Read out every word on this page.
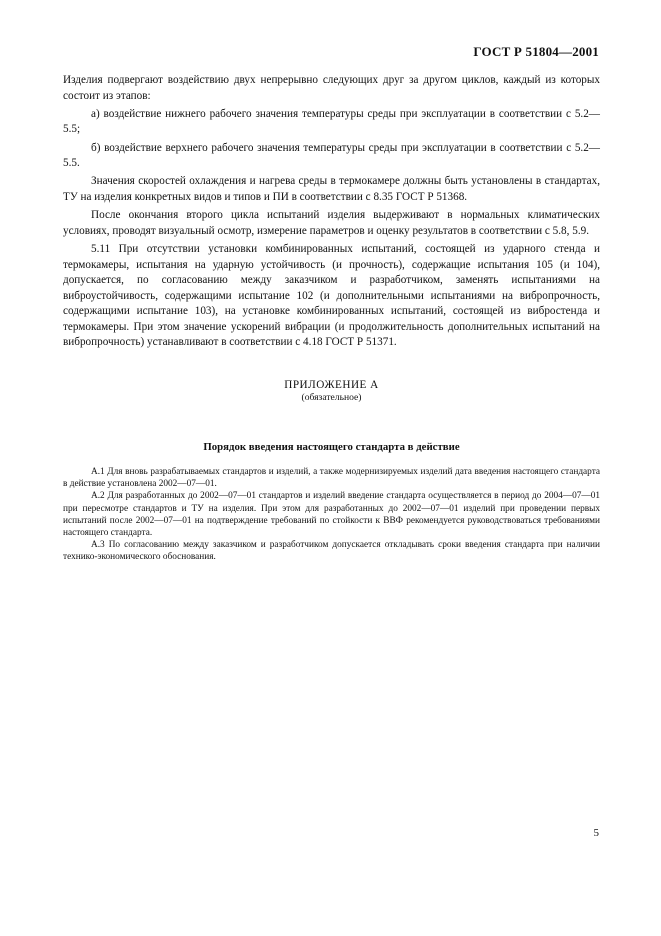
ГОСТ Р 51804—2001

Изделия подвергают воздействию двух непрерывно следующих друг за другом циклов, каждый из которых состоит из этапов:

а) воздействие нижнего рабочего значения температуры среды при эксплуатации в соответствии с 5.2—5.5;

б) воздействие верхнего рабочего значения температуры среды при эксплуатации в соответствии с 5.2—5.5.

Значения скоростей охлаждения и нагрева среды в термокамере должны быть установлены в стандартах, ТУ на изделия конкретных видов и типов и ПИ в соответствии с 8.35 ГОСТ Р 51368.

После окончания второго цикла испытаний изделия выдерживают в нормальных климатических условиях, проводят визуальный осмотр, измерение параметров и оценку результатов в соответствии с 5.8, 5.9.

5.11 При отсутствии установки комбинированных испытаний, состоящей из ударного стенда и термокамеры, испытания на ударную устойчивость (и прочность), содержащие испытания 105 (и 104), допускается, по согласованию между заказчиком и разработчиком, заменять испытаниями на виброустойчивость, содержащими испытание 102 (и дополнительными испытаниями на вибропрочность, содержащими испытание 103), на установке комбинированных испытаний, состоящей из вибростенда и термокамеры. При этом значение ускорений вибрации (и продолжительность дополнительных испытаний на вибропрочность) устанавливают в соответствии с 4.18 ГОСТ Р 51371.

ПРИЛОЖЕНИЕ А
(обязательное)
Порядок введения настоящего стандарта в действие

А.1 Для вновь разрабатываемых стандартов и изделий, а также модернизируемых изделий дата введения настоящего стандарта в действие установлена 2002—07—01.

А.2 Для разработанных до 2002—07—01 стандартов и изделий введение стандарта осуществляется в период до 2004—07—01 при пересмотре стандартов и ТУ на изделия. При этом для разработанных до 2002—07—01 изделий при проведении первых испытаний после 2002—07—01 на подтверждение требований по стойкости к ВВФ рекомендуется руководствоваться требованиями настоящего стандарта.

А.3 По согласованию между заказчиком и разработчиком допускается откладывать сроки введения стандарта при наличии технико-экономического обоснования.

5
